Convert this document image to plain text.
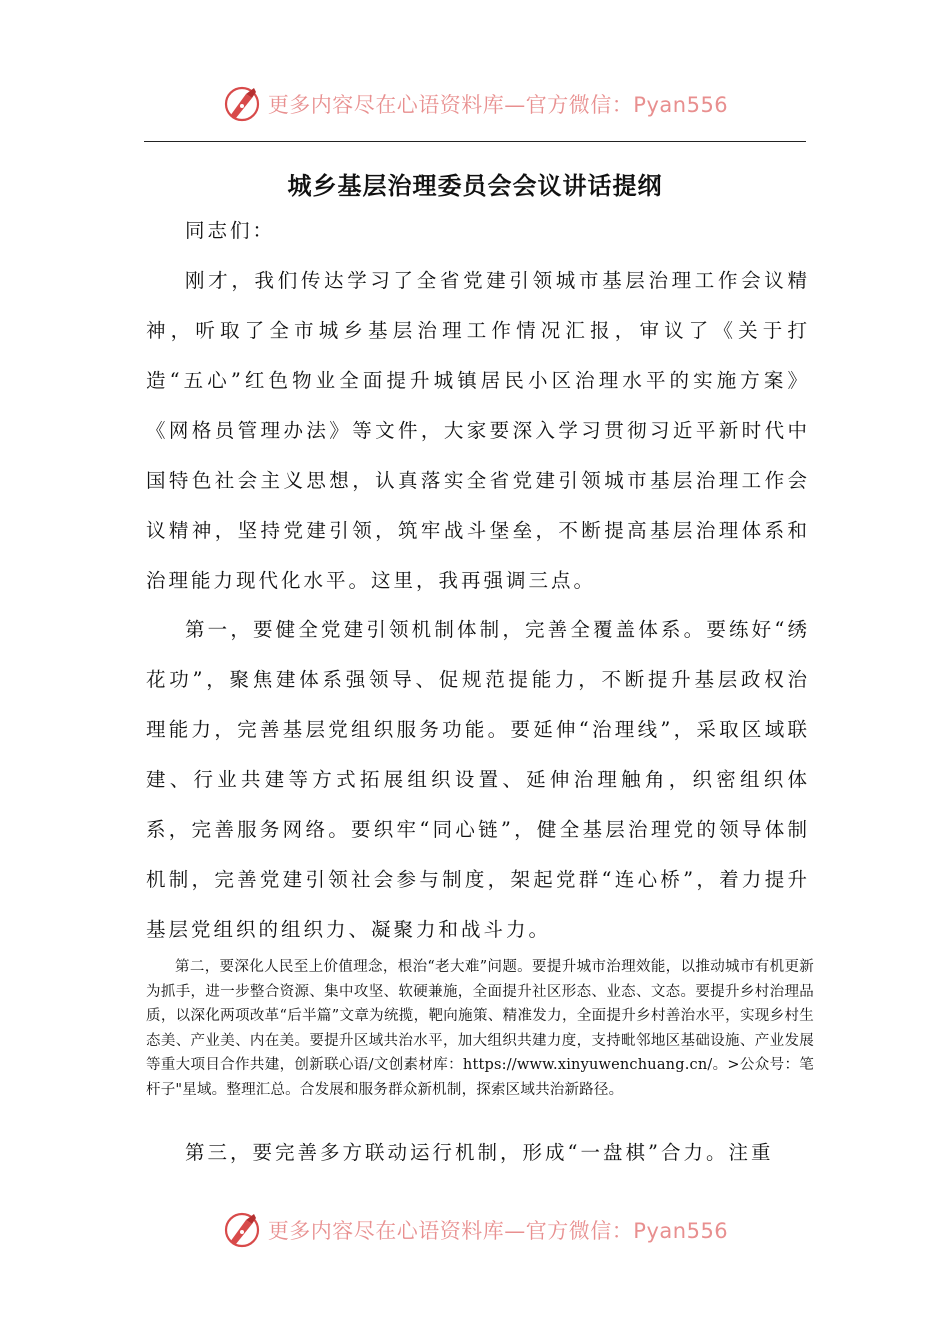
更多内容尽在心语资料库—官方微信：Pyan556
城乡基层治理委员会会议讲话提纲

同志们：

刚才，我们传达学习了全省党建引领城市基层治理工作会议精神，听取了全市城乡基层治理工作情况汇报，审议了《关于打造“五心”红色物业全面提升城镇居民小区治理水平的实施方案》《网格员管理办法》等文件，大家要深入学习贯彻习近平新时代中国特色社会主义思想，认真落实全省党建引领城市基层治理工作会议精神，坚持党建引领，筑牢战斗堡垒，不断提高基层治理体系和治理能力现代化水平。这里，我再强调三点。

第一，要健全党建引领机制体制，完善全覆盖体系。要练好“绣花功”，聚焦建体系强领导、促规范提能力，不断提升基层政权治理能力，完善基层党组织服务功能。要延伸“治理线”，采取区域联建、行业共建等方式拓展组织设置、延伸治理触角，织密组织体系，完善服务网络。要织牢“同心链”，健全基层治理党的领导体制机制，完善党建引领社会参与制度，架起党群“连心桥”，着力提升基层党组织的组织力、凝聚力和战斗力。

第二，要深化人民至上价值理念，根治“老大难”问题。要提升城市治理效能，以推动城市有机更新为抓手，进一步整合资源、集中攻坚、软硬兼施，全面提升社区形态、业态、文态。要提升乡村治理品质，以深化两项改革“后半篇”文章为统揽，靶向施策、精准发力，全面提升乡村善治水平，实现乡村生态美、产业美、内在美。要提升区域共治水平，加大组织共建力度，支持毗邻地区基础设施、产业发展等重大项目合作共建，创新联心语/文创素材库：https://www.xinyuwenchuang.cn/。>公众号：笔杆子"星域。整理汇总。合发展和服务群众新机制，探索区域共治新路径。

第三，要完善多方联动运行机制，形成“一盘棋”合力。注重

更多内容尽在心语资料库—官方微信：Pyan556
